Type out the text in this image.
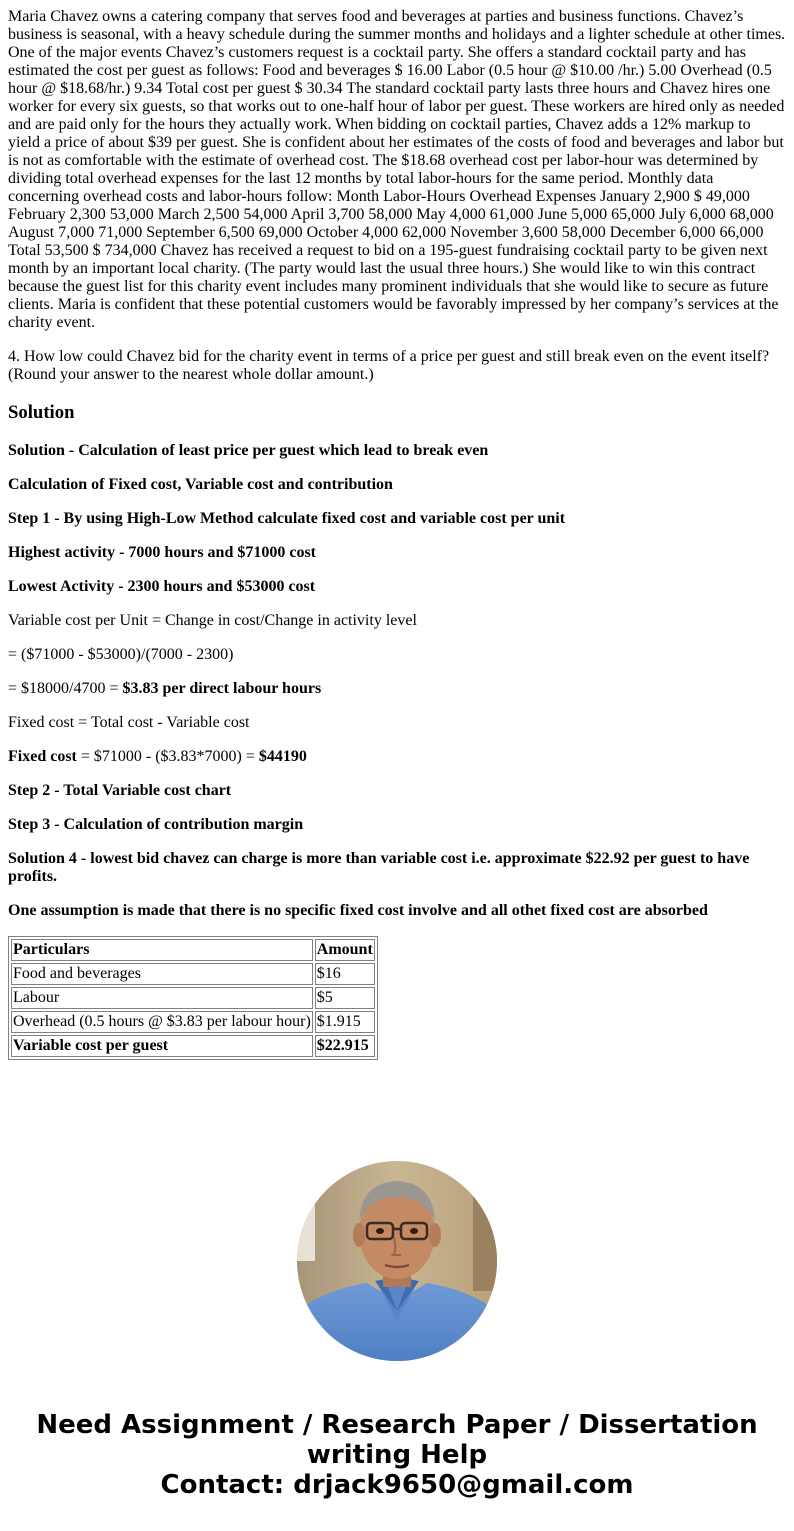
Maria Chavez owns a catering company that serves food and beverages at parties and business functions. Chavez’s business is seasonal, with a heavy schedule during the summer months and holidays and a lighter schedule at other times. One of the major events Chavez’s customers request is a cocktail party. She offers a standard cocktail party and has estimated the cost per guest as follows: Food and beverages $ 16.00 Labor (0.5 hour @ $10.00 /hr.) 5.00 Overhead (0.5 hour @ $18.68/hr.) 9.34 Total cost per guest $ 30.34 The standard cocktail party lasts three hours and Chavez hires one worker for every six guests, so that works out to one-half hour of labor per guest. These workers are hired only as needed and are paid only for the hours they actually work. When bidding on cocktail parties, Chavez adds a 12% markup to yield a price of about $39 per guest. She is confident about her estimates of the costs of food and beverages and labor but is not as comfortable with the estimate of overhead cost. The $18.68 overhead cost per labor-hour was determined by dividing total overhead expenses for the last 12 months by total labor-hours for the same period. Monthly data concerning overhead costs and labor-hours follow: Month Labor-Hours Overhead Expenses January 2,900 $ 49,000 February 2,300 53,000 March 2,500 54,000 April 3,700 58,000 May 4,000 61,000 June 5,000 65,000 July 6,000 68,000 August 7,000 71,000 September 6,500 69,000 October 4,000 62,000 November 3,600 58,000 December 6,000 66,000 Total 53,500 $ 734,000 Chavez has received a request to bid on a 195-guest fundraising cocktail party to be given next month by an important local charity. (The party would last the usual three hours.) She would like to win this contract because the guest list for this charity event includes many prominent individuals that she would like to secure as future clients. Maria is confident that these potential customers would be favorably impressed by her company’s services at the charity event.

4. How low could Chavez bid for the charity event in terms of a price per guest and still break even on the event itself? (Round your answer to the nearest whole dollar amount.)

Solution

Solution - Calculation of least price per guest which lead to break even

Calculation of Fixed cost, Variable cost and contribution

Step 1 - By using High-Low Method calculate fixed cost and variable cost per unit

Highest activity - 7000 hours and $71000 cost

Lowest Activity - 2300 hours and $53000 cost

Variable cost per Unit = Change in cost/Change in activity level

= ($71000 - $53000)/(7000 - 2300)

= $18000/4700 = $3.83 per direct labour hours

Fixed cost = Total cost - Variable cost

Fixed cost = $71000 - ($3.83*7000) = $44190

Step 2 - Total Variable cost chart

Step 3 - Calculation of contribution margin

Solution 4 - lowest bid chavez can charge is more than variable cost i.e. approximate $22.92 per guest to have profits.

One assumption is made that there is no specific fixed cost involve and all othet fixed cost are absorbed

Particulars	Amount
Food and beverages	$16
Labour	$5
Overhead (0.5 hours @ $3.83 per labour hour)	$1.915
Variable cost per guest	$22.915
Need Assignment / Research Paper / Dissertation
writing Help
Contact: drjack9650@gmail.com
